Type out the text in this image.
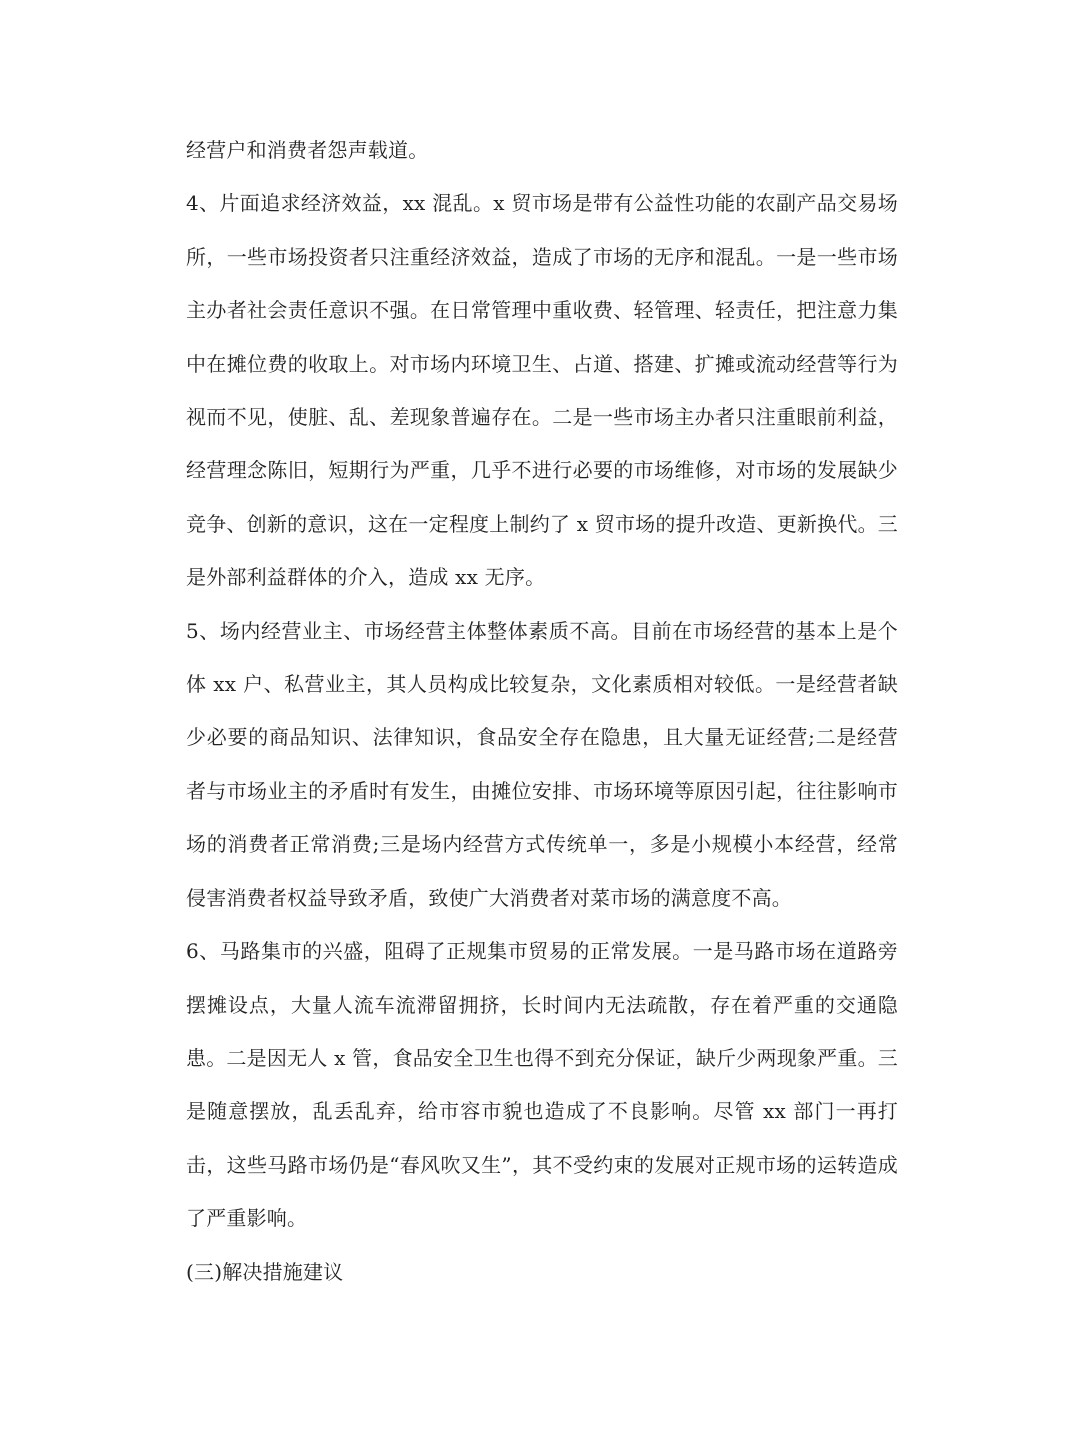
经营户和消费者怨声载道。

4、片面追求经济效益，xx 混乱。x 贸市场是带有公益性功能的农副产品交易场所，一些市场投资者只注重经济效益，造成了市场的无序和混乱。一是一些市场主办者社会责任意识不强。在日常管理中重收费、轻管理、轻责任，把注意力集中在摊位费的收取上。对市场内环境卫生、占道、搭建、扩摊或流动经营等行为视而不见，使脏、乱、差现象普遍存在。二是一些市场主办者只注重眼前利益，经营理念陈旧，短期行为严重，几乎不进行必要的市场维修，对市场的发展缺少竞争、创新的意识，这在一定程度上制约了 x 贸市场的提升改造、更新换代。三是外部利益群体的介入，造成 xx 无序。

5、场内经营业主、市场经营主体整体素质不高。目前在市场经营的基本上是个体 xx 户、私营业主，其人员构成比较复杂，文化素质相对较低。一是经营者缺少必要的商品知识、法律知识，食品安全存在隐患，且大量无证经营;二是经营者与市场业主的矛盾时有发生，由摊位安排、市场环境等原因引起，往往影响市场的消费者正常消费;三是场内经营方式传统单一，多是小规模小本经营，经常侵害消费者权益导致矛盾，致使广大消费者对菜市场的满意度不高。

6、马路集市的兴盛，阻碍了正规集市贸易的正常发展。一是马路市场在道路旁摆摊设点，大量人流车流滞留拥挤，长时间内无法疏散，存在着严重的交通隐患。二是因无人 x 管，食品安全卫生也得不到充分保证，缺斤少两现象严重。三是随意摆放，乱丢乱弃，给市容市貌也造成了不良影响。尽管 xx 部门一再打击，这些马路市场仍是“春风吹又生”，其不受约束的发展对正规市场的运转造成了严重影响。

(三)解决措施建议
